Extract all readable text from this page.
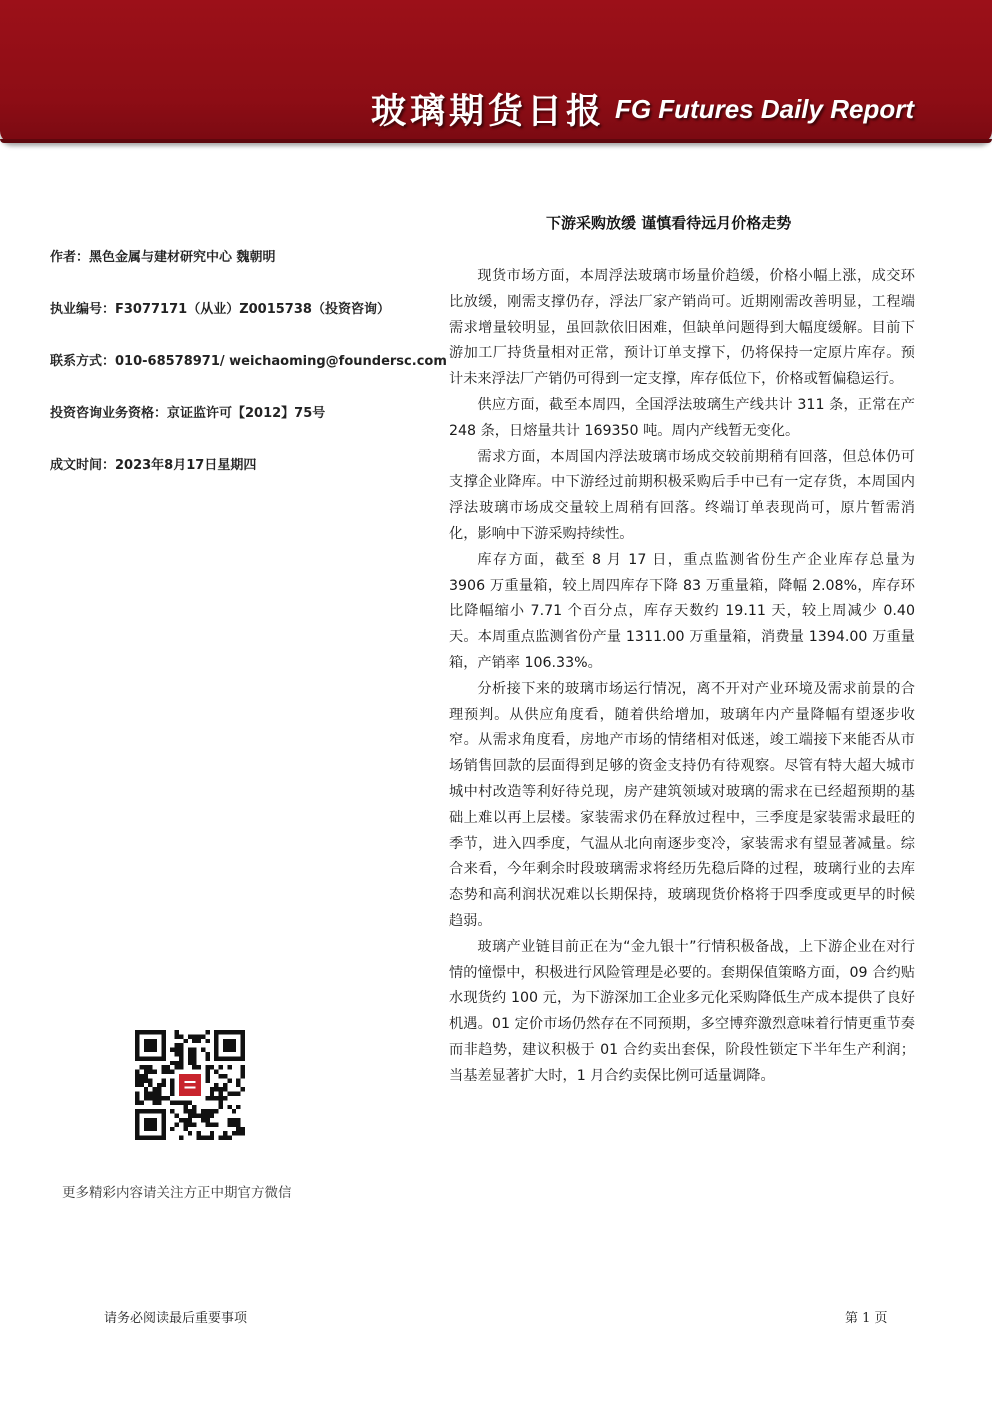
玻璃期货日报 FG Futures Daily Report
作者：黑色金属与建材研究中心 魏朝明
执业编号：F3077171（从业）Z0015738（投资咨询）
联系方式：010-68578971/ weichaoming@foundersc.com
投资咨询业务资格：京证监许可【2012】75号
成文时间：2023年8月17日星期四
下游采购放缓 谨慎看待远月价格走势

现货市场方面，本周浮法玻璃市场量价趋缓，价格小幅上涨，成交环比放缓，刚需支撑仍存，浮法厂家产销尚可。近期刚需改善明显，工程端需求增量较明显，虽回款依旧困难，但缺单问题得到大幅度缓解。目前下游加工厂持货量相对正常，预计订单支撑下，仍将保持一定原片库存。预计未来浮法厂产销仍可得到一定支撑，库存低位下，价格或暂偏稳运行。

供应方面，截至本周四，全国浮法玻璃生产线共计 311 条，正常在产 248 条，日熔量共计 169350 吨。周内产线暂无变化。

需求方面，本周国内浮法玻璃市场成交较前期稍有回落，但总体仍可支撑企业降库。中下游经过前期积极采购后手中已有一定存货，本周国内浮法玻璃市场成交量较上周稍有回落。终端订单表现尚可，原片暂需消化，影响中下游采购持续性。

库存方面，截至 8 月 17 日，重点监测省份生产企业库存总量为 3906 万重量箱，较上周四库存下降 83 万重量箱，降幅 2.08%，库存环比降幅缩小 7.71 个百分点，库存天数约 19.11 天，较上周减少 0.40 天。本周重点监测省份产量 1311.00 万重量箱，消费量 1394.00 万重量箱，产销率 106.33%。

分析接下来的玻璃市场运行情况，离不开对产业环境及需求前景的合理预判。从供应角度看，随着供给增加，玻璃年内产量降幅有望逐步收窄。从需求角度看，房地产市场的情绪相对低迷，竣工端接下来能否从市场销售回款的层面得到足够的资金支持仍有待观察。尽管有特大超大城市城中村改造等利好待兑现，房产建筑领域对玻璃的需求在已经超预期的基础上难以再上层楼。家装需求仍在释放过程中，三季度是家装需求最旺的季节，进入四季度，气温从北向南逐步变冷，家装需求有望显著减量。综合来看，今年剩余时段玻璃需求将经历先稳后降的过程，玻璃行业的去库态势和高利润状况难以长期保持，玻璃现货价格将于四季度或更早的时候趋弱。

玻璃产业链目前正在为“金九银十”行情积极备战，上下游企业在对行情的憧憬中，积极进行风险管理是必要的。套期保值策略方面，09 合约贴水现货约 100 元，为下游深加工企业多元化采购降低生产成本提供了良好机遇。01 定价市场仍然存在不同预期，多空博弈激烈意味着行情更重节奏而非趋势，建议积极于 01 合约卖出套保，阶段性锁定下半年生产利润；当基差显著扩大时，1 月合约卖保比例可适量调降。

更多精彩内容请关注方正中期官方微信
请务必阅读最后重要事项	第 1 页
